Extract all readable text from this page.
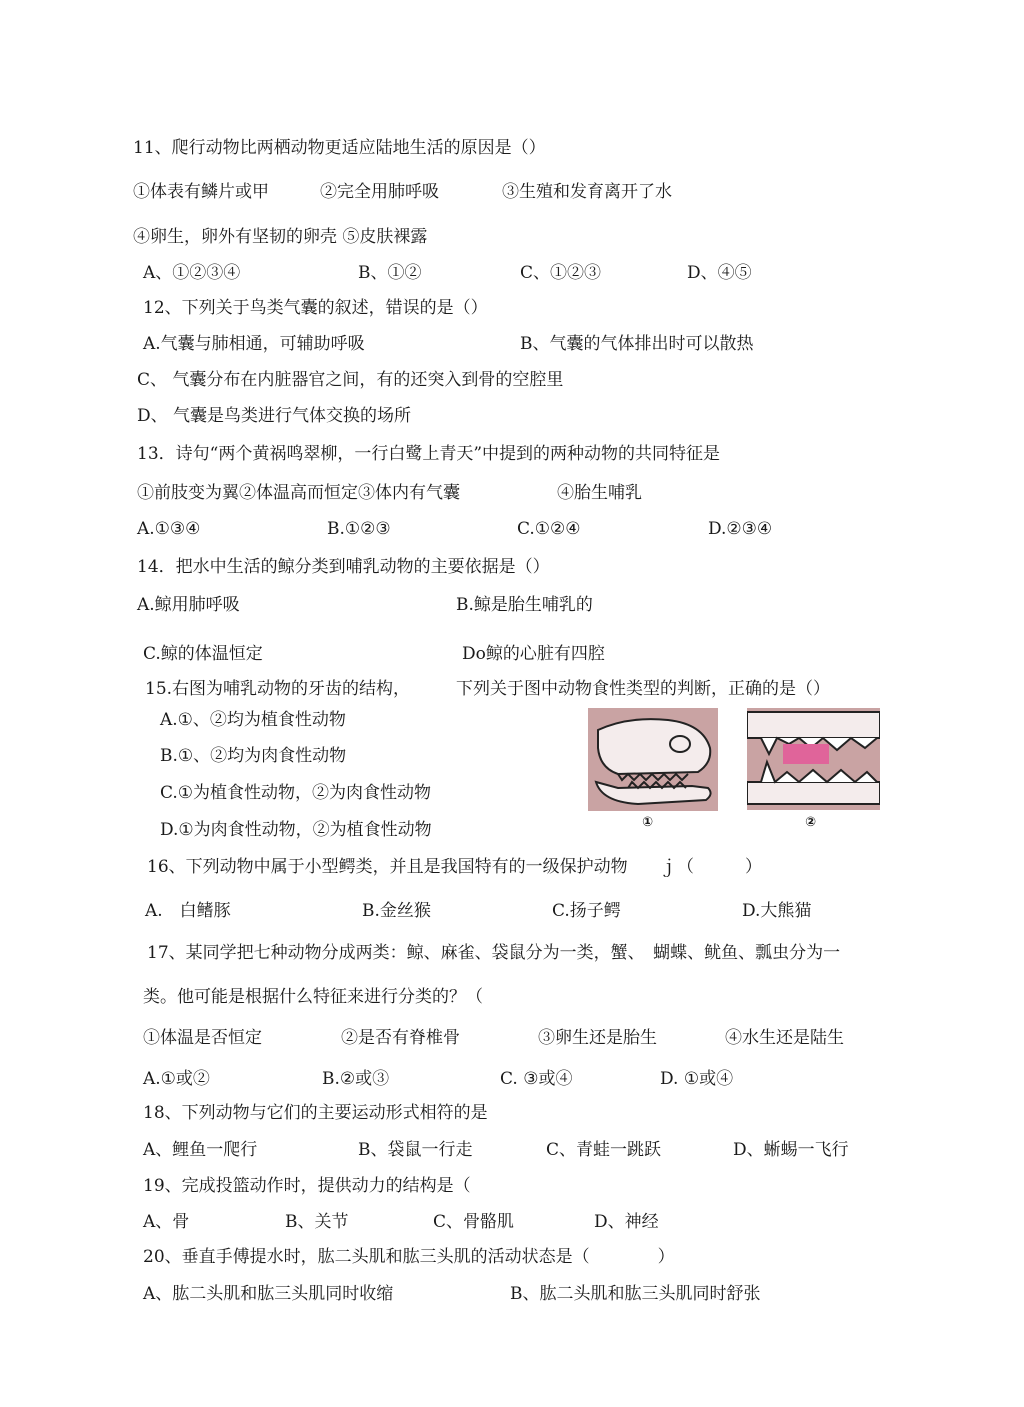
11、爬行动物比两栖动物更适应陆地生活的原因是（）
①体表有鳞片或甲	②完全用肺呼吸	③生殖和发育离开了水
④卵生，卵外有坚韧的卵壳 ⑤皮肤裸露
A、①②③④	B、①②	C、①②③	D、④⑤
12、下列关于鸟类气囊的叙述，错误的是（）
A.气囊与肺相通，可辅助呼吸	B、气囊的气体排出时可以散热
C、 气囊分布在内脏器官之间，有的还突入到骨的空腔里
D、 气囊是鸟类进行气体交换的场所
13．诗句“两个黄祸鸣翠柳，一行白鹭上青天”中提到的两种动物的共同特征是
①前肢变为翼②体温高而恒定③体内有气囊	④胎生哺乳
A.①③④	B.①②③	C.①②④	D.②③④
14．把水中生活的鲸分类到哺乳动物的主要依据是（）
A.鲸用肺呼吸	B.鲸是胎生哺乳的
C.鲸的体温恒定	Do鲸的心脏有四腔
15.右图为哺乳动物的牙齿的结构，	下列关于图中动物食性类型的判断，正确的是（）
A.①、②均为植食性动物
B.①、②均为肉食性动物
C.①为植食性动物，②为肉食性动物
D.①为肉食性动物，②为植食性动物	①	②
16、下列动物中属于小型鳄类，并且是我国特有的一级保护动物 ｊ（　　　）
A.　白鳍豚	B.金丝猴	C.扬子鳄	D.大熊猫
17、某同学把七种动物分成两类：鲸、麻雀、袋鼠分为一类，蟹、　蝴蝶、鱿鱼、瓢虫分为一
类。他可能是根据什么特征来进行分类的？（
①体温是否恒定	②是否有脊椎骨	③卵生还是胎生	④水生还是陆生
A.①或②	B.②或③	C. ③或④	D. ①或④
18、下列动物与它们的主要运动形式相符的是
A、鲤鱼一爬行	B、袋鼠一行走	C、青蛙一跳跃	D、蜥蜴一飞行
19、完成投篮动作时，提供动力的结构是（
A、骨	B、关节	C、骨骼肌	D、神经
20、垂直手傅提水时，肱二头肌和肱三头肌的活动状态是（　　　　）
A、肱二头肌和肱三头肌同时收缩	B、肱二头肌和肱三头肌同时舒张
